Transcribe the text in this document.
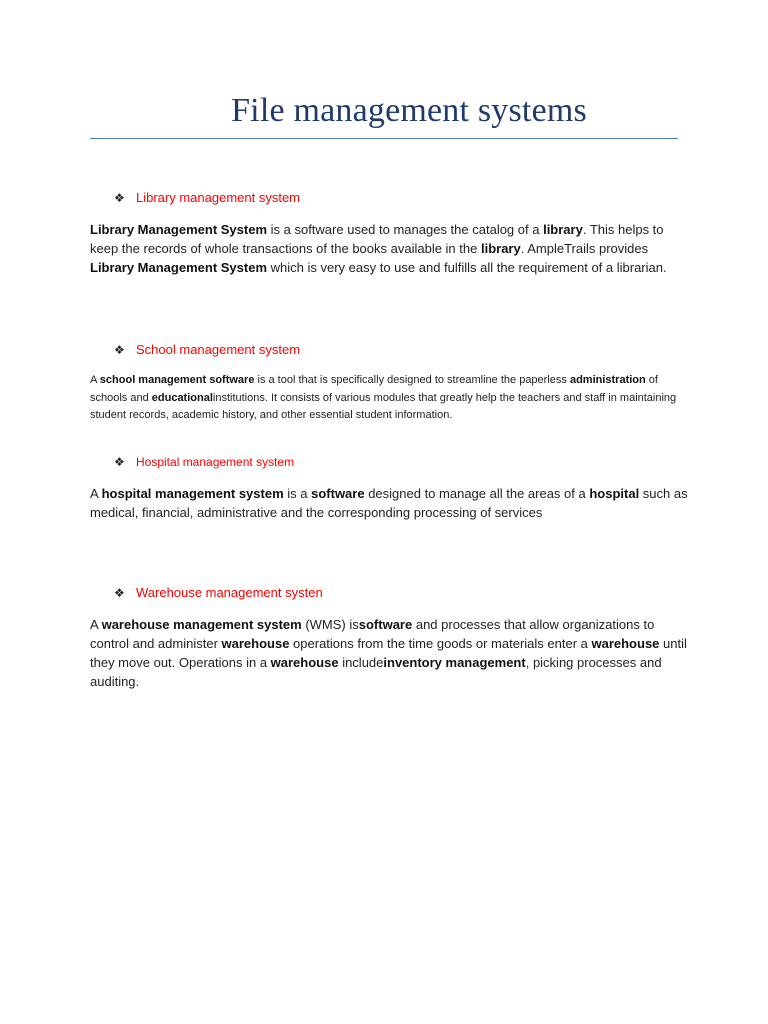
File management systems
❖ Library management system

Library Management System is a software used to manages the catalog of a library. This helps to keep the records of whole transactions of the books available in the library. AmpleTrails provides Library Management System which is very easy to use and fulfills all the requirement of a librarian.

❖ School management system

A school management software is a tool that is specifically designed to streamline the paperless administration of schools and educationalinstitutions. It consists of various modules that greatly help the teachers and staff in maintaining student records, academic history, and other essential student information.

❖ Hospital management system

A hospital management system is a software designed to manage all the areas of a hospital such as medical, financial, administrative and the corresponding processing of services

❖ Warehouse management systen

A warehouse management system (WMS) issoftware and processes that allow organizations to control and administer warehouse operations from the time goods or materials enter a warehouse until they move out. Operations in a warehouse includeinventory management, picking processes and auditing.
